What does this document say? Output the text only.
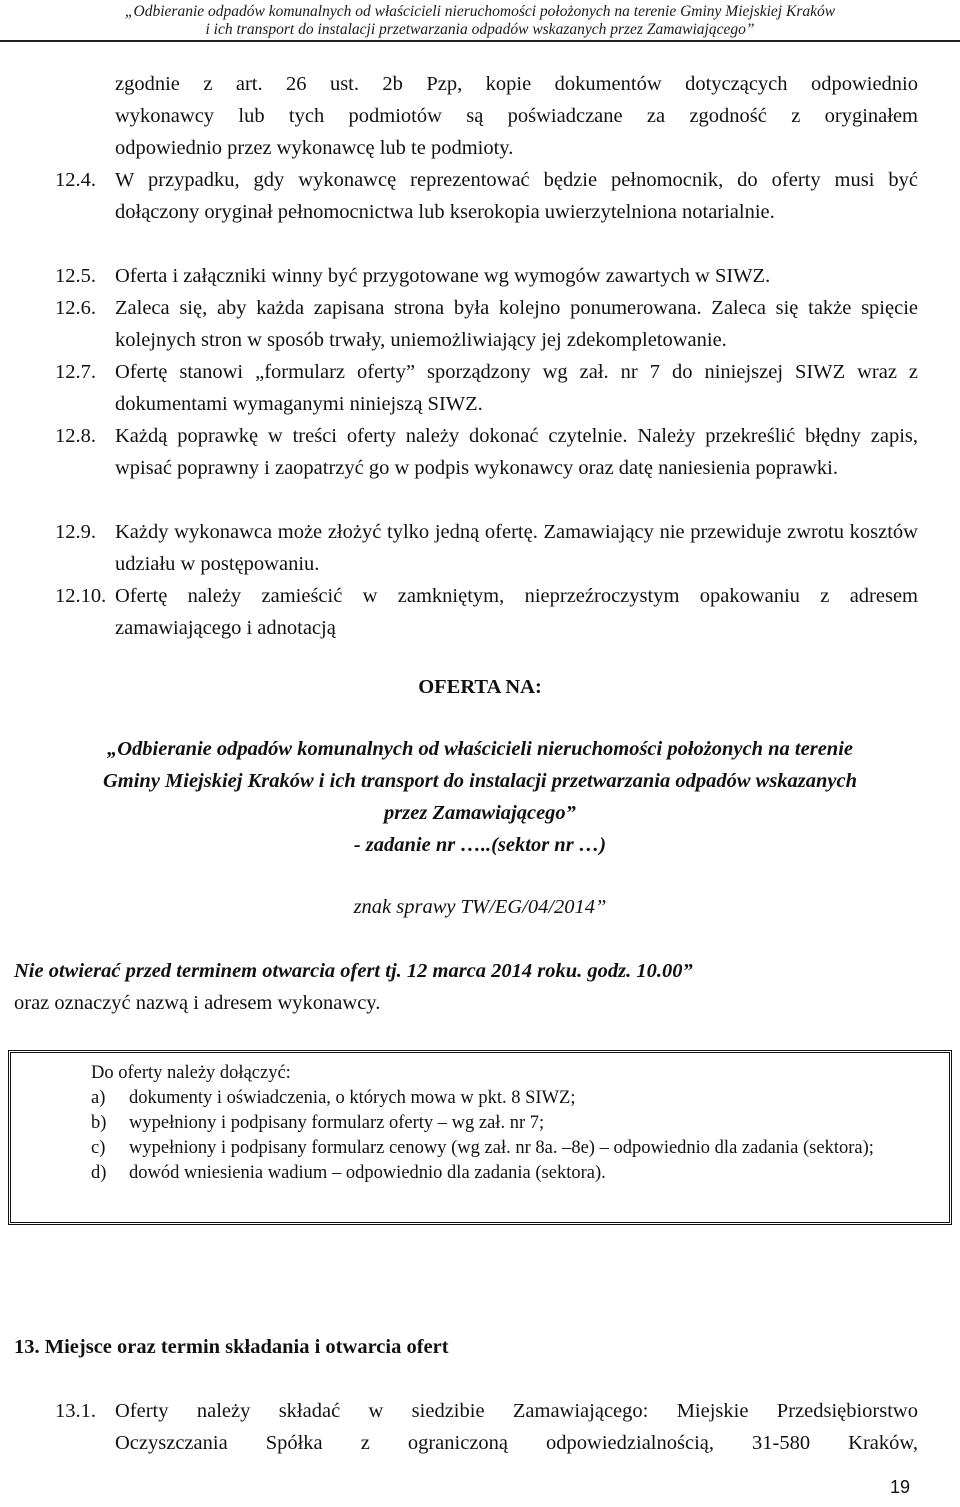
„Odbieranie odpadów komunalnych od właścicieli nieruchomości położonych na terenie Gminy Miejskiej Kraków
i ich transport do instalacji przetwarzania odpadów wskazanych przez Zamawiającego”
zgodnie z art. 26 ust. 2b Pzp, kopie dokumentów dotyczących odpowiednio
wykonawcy lub tych podmiotów są poświadczane za zgodność z oryginałem
odpowiednio przez wykonawcę lub te podmioty.
12.4. W przypadku, gdy wykonawcę reprezentować będzie pełnomocnik, do oferty musi być dołączony oryginał pełnomocnictwa lub kserokopia uwierzytelniona notarialnie.
12.5. Oferta i załączniki winny być przygotowane wg wymogów zawartych w SIWZ.
12.6. Zaleca się, aby każda zapisana strona była kolejno ponumerowana. Zaleca się także spięcie kolejnych stron w sposób trwały, uniemożliwiający jej zdekompletowanie.
12.7. Ofertę stanowi „formularz oferty” sporządzony wg zał. nr 7 do niniejszej SIWZ wraz z dokumentami wymaganymi niniejszą SIWZ.
12.8. Każdą poprawkę w treści oferty należy dokonać czytelnie. Należy przekreślić błędny zapis, wpisać poprawny i zaopatrzyć go w podpis wykonawcy oraz datę naniesienia poprawki.
12.9. Każdy wykonawca może złożyć tylko jedną ofertę. Zamawiający nie przewiduje zwrotu kosztów udziału w postępowaniu.
12.10. Ofertę należy zamieścić w zamkniętym, nieprzeźroczystym opakowaniu z adresem zamawiającego i adnotacją
OFERTA NA:
„Odbieranie odpadów komunalnych od właścicieli nieruchomości położonych na terenie
Gminy Miejskiej Kraków i ich transport do instalacji przetwarzania odpadów wskazanych
przez Zamawiającego”
- zadanie nr …..(sektor nr …)
znak sprawy TW/EG/04/2014”
Nie otwierać przed terminem otwarcia ofert tj. 12 marca 2014 roku. godz. 10.00”
oraz oznaczyć nazwą i adresem wykonawcy.
Do oferty należy dołączyć:
a) dokumenty i oświadczenia, o których mowa w pkt. 8 SIWZ;
b) wypełniony i podpisany formularz oferty – wg zał. nr 7;
c) wypełniony i podpisany formularz cenowy (wg zał. nr 8a. –8e) – odpowiednio dla zadania (sektora);
d) dowód wniesienia wadium – odpowiednio dla zadania (sektora).
13. Miejsce oraz termin składania i otwarcia ofert
13.1. Oferty należy składać w siedzibie Zamawiającego: Miejskie Przedsiębiorstwo
Oczyszczania Spółka z ograniczoną odpowiedzialnością, 31-580 Kraków,
19
